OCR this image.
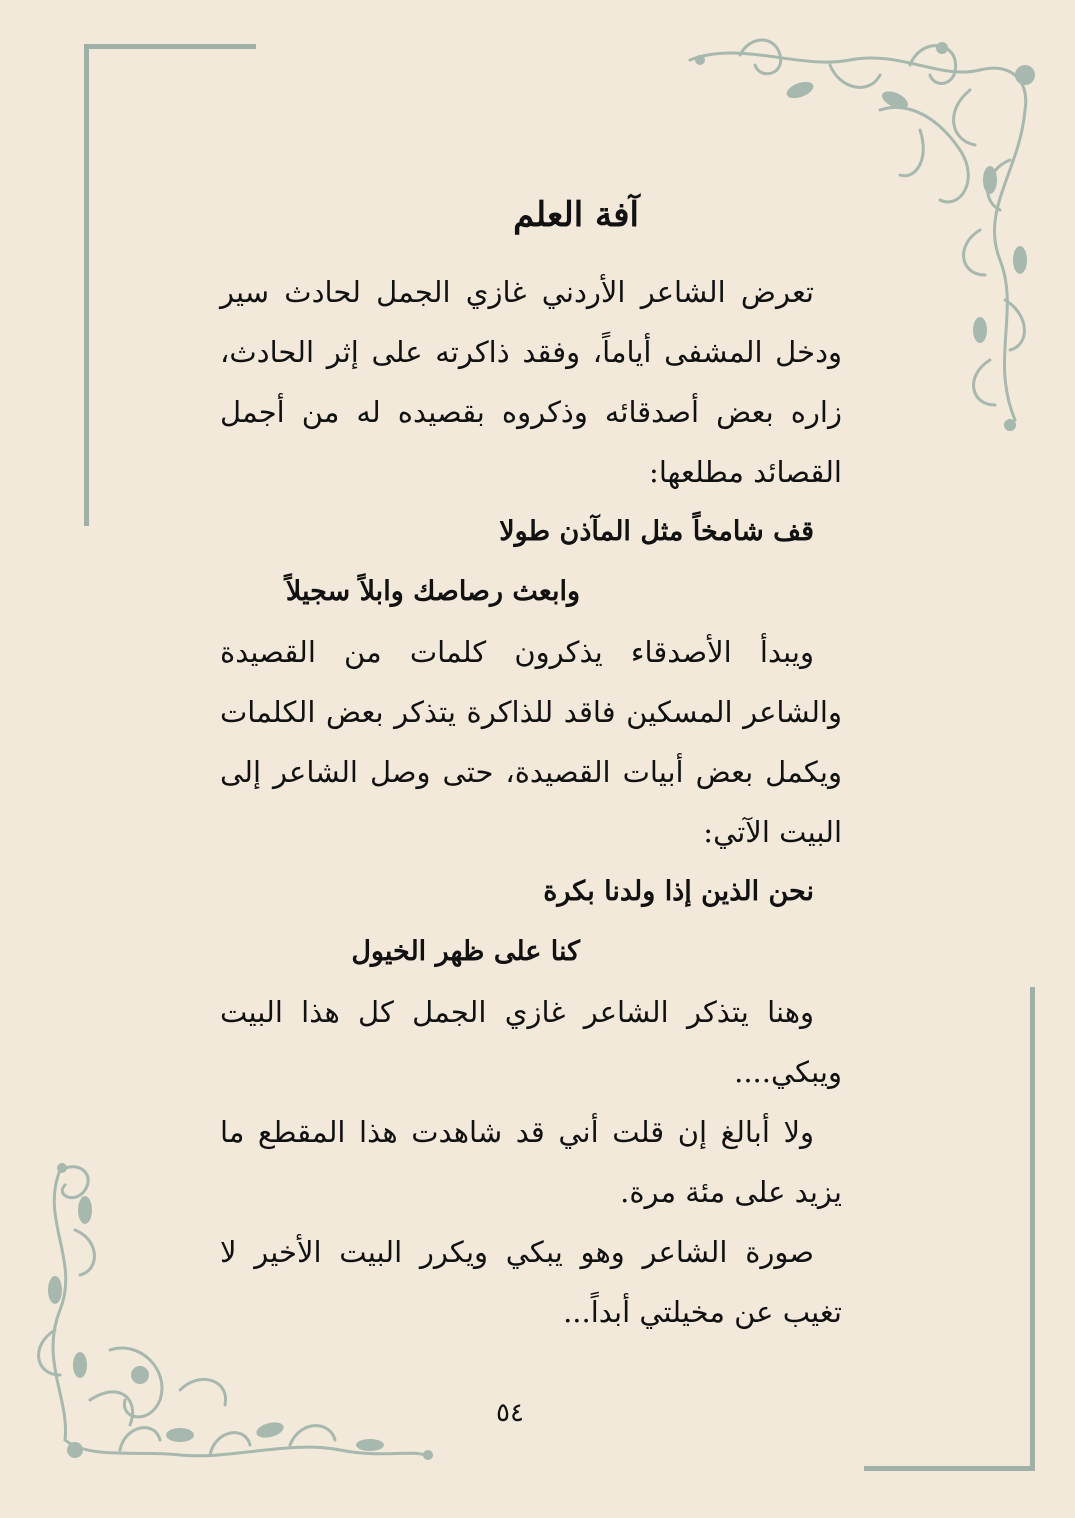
آفة العلم

تعرض الشاعر الأردني غازي الجمل لحادث سير ودخل المشفى أياماً، وفقد ذاكرته على إثر الحادث، زاره بعض أصدقائه وذكروه بقصيده له من أجمل القصائد مطلعها:

قف شامخاً مثل المآذن طولا

وابعث رصاصك وابلاً سجيلاً

ويبدأ الأصدقاء يذكرون كلمات من القصيدة والشاعر المسكين فاقد للذاكرة يتذكر بعض الكلمات ويكمل بعض أبيات القصيدة، حتى وصل الشاعر إلى البيت الآتي:

نحن الذين إذا ولدنا بكرة

كنا على ظهر الخيول

وهنا يتذكر الشاعر غازي الجمل كل هذا البيت ويبكي....

ولا أبالغ إن قلت أني قد شاهدت هذا المقطع ما يزيد على مئة مرة.

صورة الشاعر وهو يبكي ويكرر البيت الأخير لا تغيب عن مخيلتي أبداً...

٥٤
